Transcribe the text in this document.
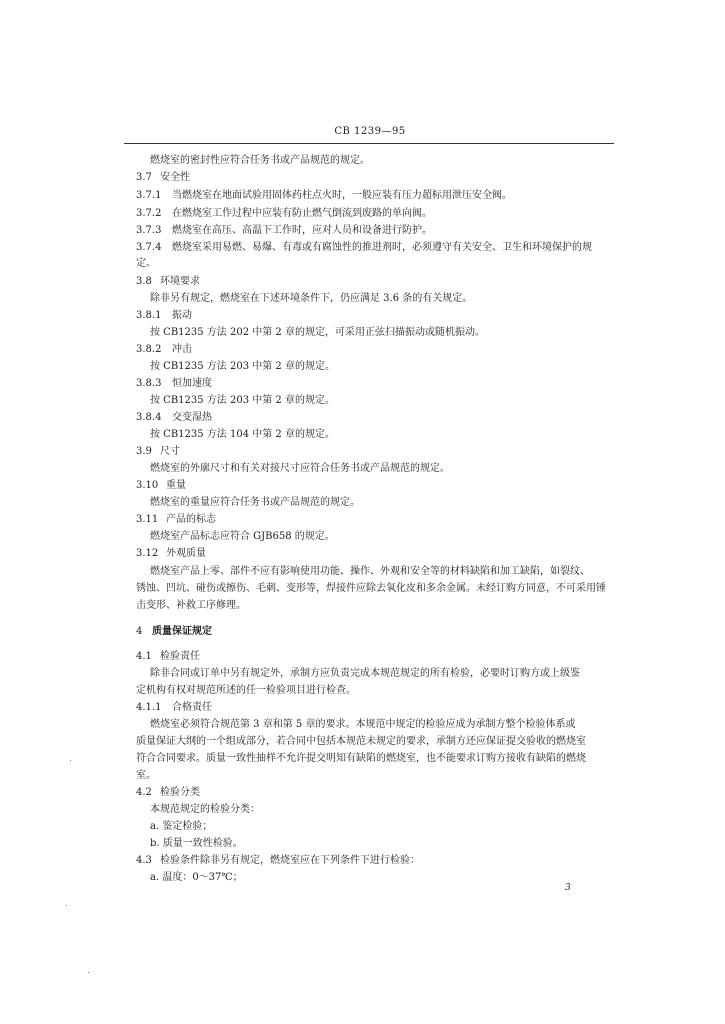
CB 1239—95
燃烧室的密封性应符合任务书或产品规范的规定。
3.7 安全性
3.7.1 当燃烧室在地面试验用固体药柱点火时，一般应装有压力超标用泄压安全阀。
3.7.2 在燃烧室工作过程中应装有防止燃气倒流到废路的单向阀。
3.7.3 燃烧室在高压、高温下工作时，应对人员和设备进行防护。
3.7.4 燃烧室采用易燃、易爆、有毒或有腐蚀性的推进剂时，必须遵守有关安全、卫生和环境保护的规
定。
3.8 环境要求
除非另有规定，燃烧室在下述环境条件下，仍应满足 3.6 条的有关规定。
3.8.1 振动
按 CB1235 方法 202 中第 2 章的规定，可采用正弦扫描振动或随机振动。
3.8.2 冲击
按 CB1235 方法 203 中第 2 章的规定。
3.8.3 恒加速度
按 CB1235 方法 203 中第 2 章的规定。
3.8.4 交变湿热
按 CB1235 方法 104 中第 2 章的规定。
3.9 尺寸
燃烧室的外廓尺寸和有关对接尺寸应符合任务书或产品规范的规定。
3.10 重量
燃烧室的重量应符合任务书或产品规范的规定。
3.11 产品的标志
燃烧室产品标志应符合 GJB658 的规定。
3.12 外观质量
燃烧室产品上零、部件不应有影响使用功能、操作、外观和安全等的材料缺陷和加工缺陷，如裂纹、
锈蚀、凹坑、碰伤或擦伤、毛刺、变形等，焊接件应除去氧化皮和多余金属。未经订购方同意，不可采用锤
击变形、补救工序修理。
4 质量保证规定
4.1 检验责任
除非合同或订单中另有规定外，承制方应负责完成本规范规定的所有检验，必要时订购方或上级鉴
定机构有权对规范所述的任一检验项目进行检查。
4.1.1 合格责任
燃烧室必须符合规范第 3 章和第 5 章的要求。本规范中规定的检验应成为承制方整个检验体系或
质量保证大纲的一个组成部分，若合同中包括本规范未规定的要求，承制方还应保证提交验收的燃烧室
符合合同要求。质量一致性抽样不允许提交明知有缺陷的燃烧室，也不能要求订购方接收有缺陷的燃烧
室。
4.2 检验分类
本规范规定的检验分类：
a. 鉴定检验；
b. 质量一致性检验。
4.3 检验条件除非另有规定，燃烧室应在下列条件下进行检验：
a. 温度：0～37℃；
3
